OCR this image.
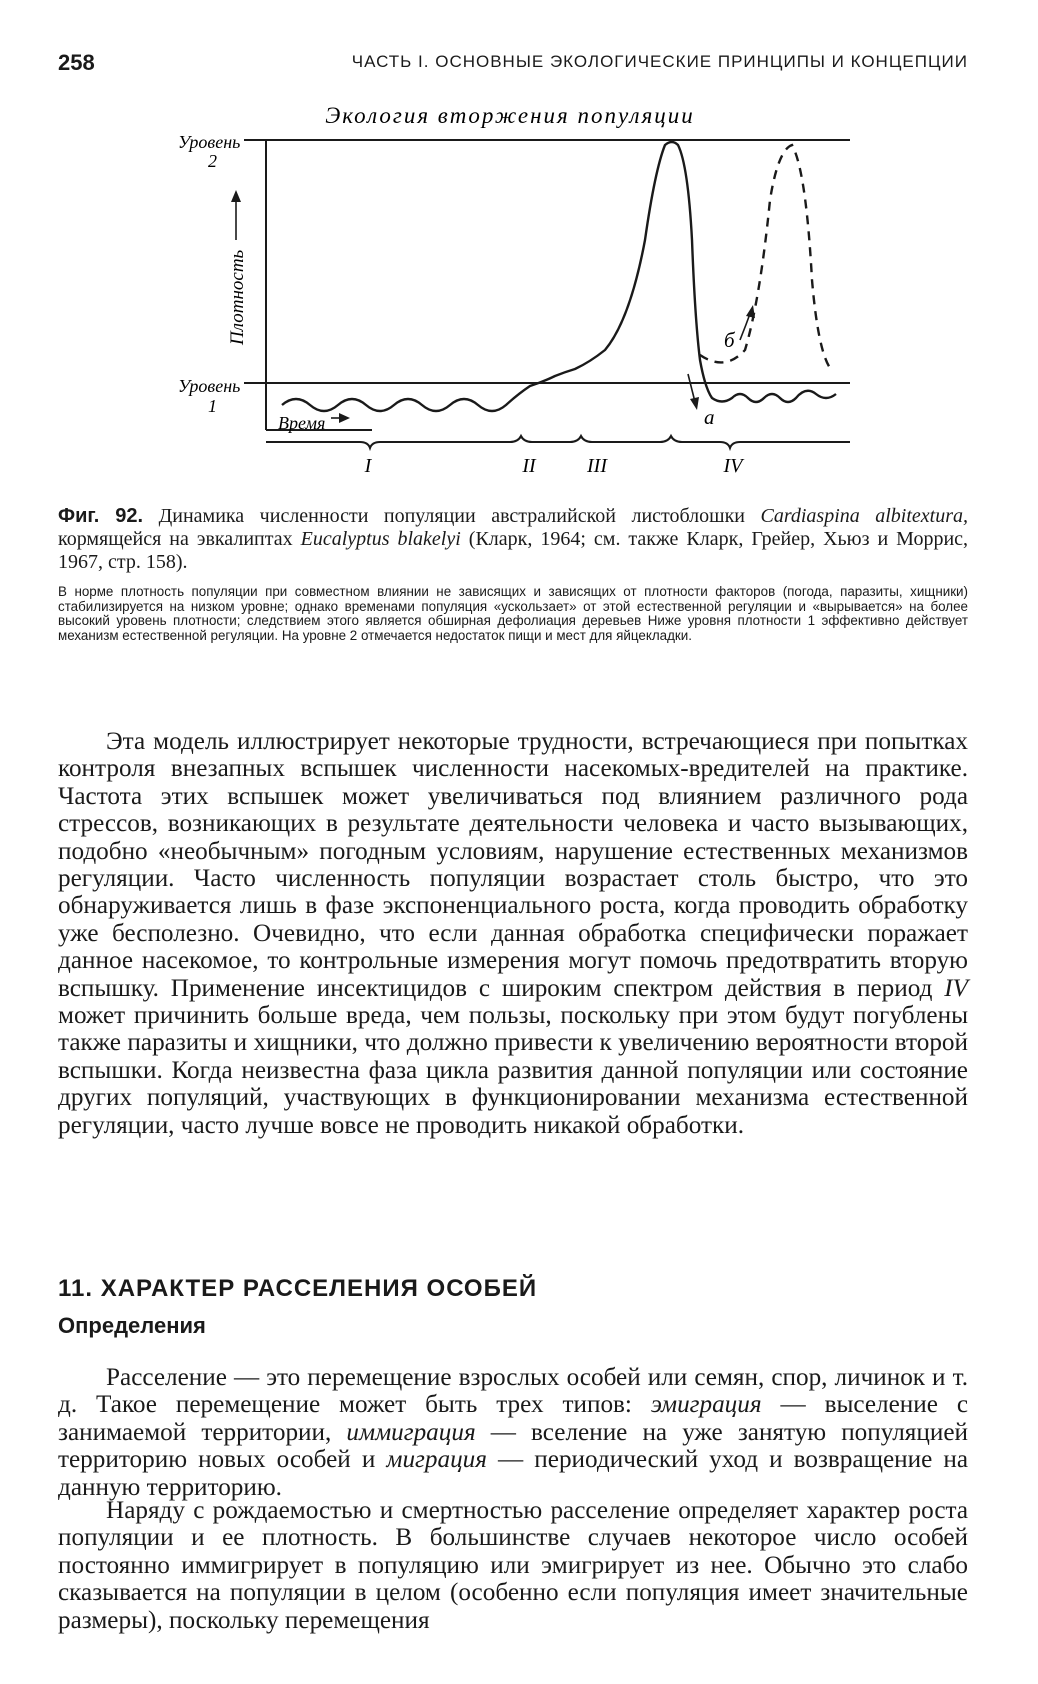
258	ЧАСТЬ I. ОСНОВНЫЕ ЭКОЛОГИЧЕСКИЕ ПРИНЦИПЫ И КОНЦЕПЦИИ
Экология вторжения популяции
Уровень
2
Уровень
1
Плотность
Время
б
а
I	II	III	IV
Фиг. 92. Динамика численности популяции австралийской листоблошки Cardiaspina albitextura, кормящейся на эвкалиптах Eucalyptus blakelyi (Кларк, 1964; см. также Кларк, Грейер, Хьюз и Моррис, 1967, стр. 158).
В норме плотность популяции при совместном влиянии не зависящих и зависящих от плотности факторов (погода, паразиты, хищники) стабилизируется на низком уровне; однако временами популяция «ускользает» от этой естественной регуляции и «вырывается» на более высокий уровень плотности; следствием этого является обширная дефолиация деревьев Ниже уровня плотности 1 эффективно действует механизм естественной регуляции. На уровне 2 отмечается недостаток пищи и мест для яйцекладки.

Эта модель иллюстрирует некоторые трудности, встречающиеся при попытках контроля внезапных вспышек численности насекомых-вредителей на практике. Частота этих вспышек может увеличиваться под влиянием различного рода стрессов, возникающих в результате деятельности человека и часто вызывающих, подобно «необычным» погодным условиям, нарушение естественных механизмов регуляции. Часто численность популяции возрастает столь быстро, что это обнаруживается лишь в фазе экспоненциального роста, когда проводить обработку уже бесполезно. Очевидно, что если данная обработка специфически поражает данное насекомое, то контрольные измерения могут помочь предотвратить вторую вспышку. Применение инсектицидов с широким спектром действия в период IV может причинить больше вреда, чем пользы, поскольку при этом будут погублены также паразиты и хищники, что должно привести к увеличению вероятности второй вспышки. Когда неизвестна фаза цикла развития данной популяции или состояние других популяций, участвующих в функционировании механизма естественной регуляции, часто лучше вовсе не проводить никакой обработки.

11. ХАРАКТЕР РАССЕЛЕНИЯ ОСОБЕЙ
Определения

Расселение — это перемещение взрослых особей или семян, спор, личинок и т. д. Такое перемещение может быть трех типов: эмиграция — выселение с занимаемой территории, иммиграция — вселение на уже занятую популяцией территорию новых особей и миграция — периодический уход и возвращение на данную территорию.

Наряду с рождаемостью и смертностью расселение определяет характер роста популяции и ее плотность. В большинстве случаев некоторое число особей постоянно иммигрирует в популяцию или эмигрирует из нее. Обычно это слабо сказывается на популяции в целом (особенно если популяция имеет значительные размеры), поскольку перемещения
